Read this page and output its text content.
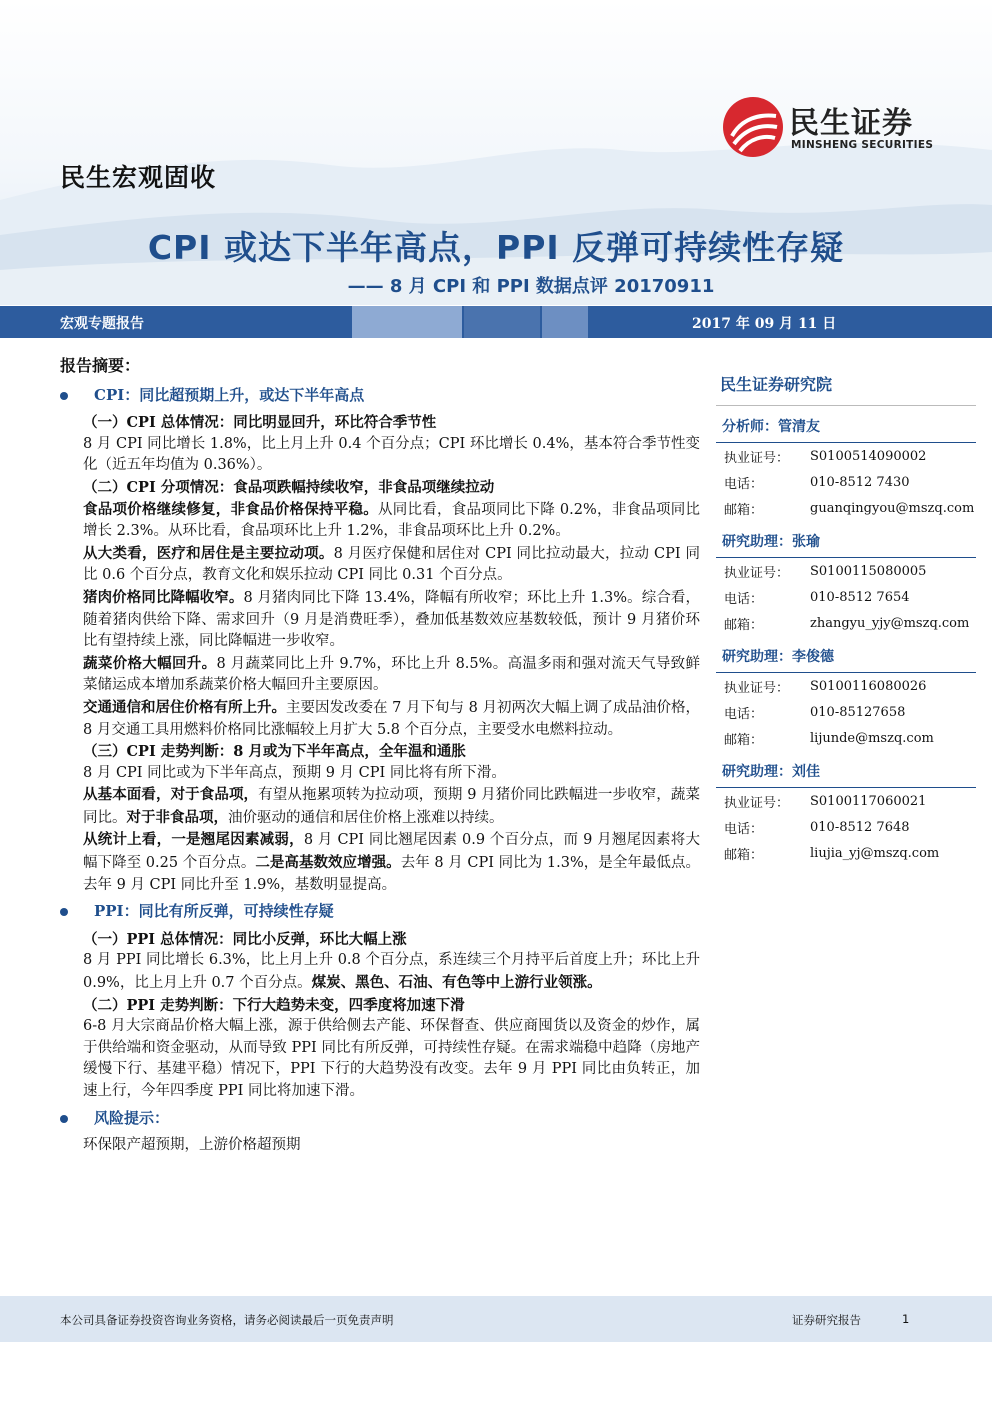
民生宏观固收
民生证券
MINSHENG SECURITIES
CPI 或达下半年高点，PPI 反弹可持续性存疑
—— 8 月 CPI 和 PPI 数据点评 20170911
宏观专题报告	2017 年 09 月 11 日

报告摘要：

CPI：同比超预期上升，或达下半年高点

（一）CPI 总体情况：同比明显回升，环比符合季节性

8 月 CPI 同比增长 1.8%，比上月上升 0.4 个百分点；CPI 环比增长 0.4%，基本符合季节性变化（近五年均值为 0.36%）。

（二）CPI 分项情况：食品项跌幅持续收窄，非食品项继续拉动

食品项价格继续修复，非食品价格保持平稳。从同比看，食品项同比下降 0.2%，非食品项同比增长 2.3%。从环比看，食品项环比上升 1.2%，非食品项环比上升 0.2%。

从大类看，医疗和居住是主要拉动项。8 月医疗保健和居住对 CPI 同比拉动最大，拉动 CPI 同比 0.6 个百分点，教育文化和娱乐拉动 CPI 同比 0.31 个百分点。

猪肉价格同比降幅收窄。8 月猪肉同比下降 13.4%，降幅有所收窄；环比上升 1.3%。综合看，随着猪肉供给下降、需求回升（9 月是消费旺季），叠加低基数效应基数较低，预计 9 月猪价环比有望持续上涨，同比降幅进一步收窄。

蔬菜价格大幅回升。8 月蔬菜同比上升 9.7%，环比上升 8.5%。高温多雨和强对流天气导致鲜菜储运成本增加系蔬菜价格大幅回升主要原因。

交通通信和居住价格有所上升。主要因发改委在 7 月下旬与 8 月初两次大幅上调了成品油价格，8 月交通工具用燃料价格同比涨幅较上月扩大 5.8 个百分点，主要受水电燃料拉动。

（三）CPI 走势判断：8 月或为下半年高点，全年温和通胀

8 月 CPI 同比或为下半年高点，预期 9 月 CPI 同比将有所下滑。

从基本面看，对于食品项，有望从拖累项转为拉动项，预期 9 月猪价同比跌幅进一步收窄，蔬菜同比。对于非食品项，油价驱动的通信和居住价格上涨难以持续。

从统计上看，一是翘尾因素减弱，8 月 CPI 同比翘尾因素 0.9 个百分点，而 9 月翘尾因素将大幅下降至 0.25 个百分点。二是高基数效应增强。去年 8 月 CPI 同比为 1.3%，是全年最低点。去年 9 月 CPI 同比升至 1.9%，基数明显提高。

PPI：同比有所反弹，可持续性存疑

（一）PPI 总体情况：同比小反弹，环比大幅上涨

8 月 PPI 同比增长 6.3%，比上月上升 0.8 个百分点，系连续三个月持平后首度上升；环比上升 0.9%，比上月上升 0.7 个百分点。煤炭、黑色、石油、有色等中上游行业领涨。

（二）PPI 走势判断：下行大趋势未变，四季度将加速下滑

6-8 月大宗商品价格大幅上涨，源于供给侧去产能、环保督查、供应商囤货以及资金的炒作，属于供给端和资金驱动，从而导致 PPI 同比有所反弹，可持续性存疑。在需求端稳中趋降（房地产缓慢下行、基建平稳）情况下，PPI 下行的大趋势没有改变。去年 9 月 PPI 同比由负转正，加速上行，今年四季度 PPI 同比将加速下滑。

风险提示：

环保限产超预期，上游价格超预期

民生证券研究院
分析师：管清友
执业证号：	S0100514090002
电话：	010-8512 7430
邮箱：	guanqingyou@mszq.com
研究助理：张瑜
执业证号：	S0100115080005
电话：	010-8512 7654
邮箱：	zhangyu_yjy@mszq.com
研究助理：李俊德
执业证号：	S0100116080026
电话：	010-85127658
邮箱：	lijunde@mszq.com
研究助理：刘佳
执业证号：	S0100117060021
电话：	010-8512 7648
邮箱：	liujia_yj@mszq.com
本公司具备证券投资咨询业务资格，请务必阅读最后一页免责声明	证券研究报告	1
